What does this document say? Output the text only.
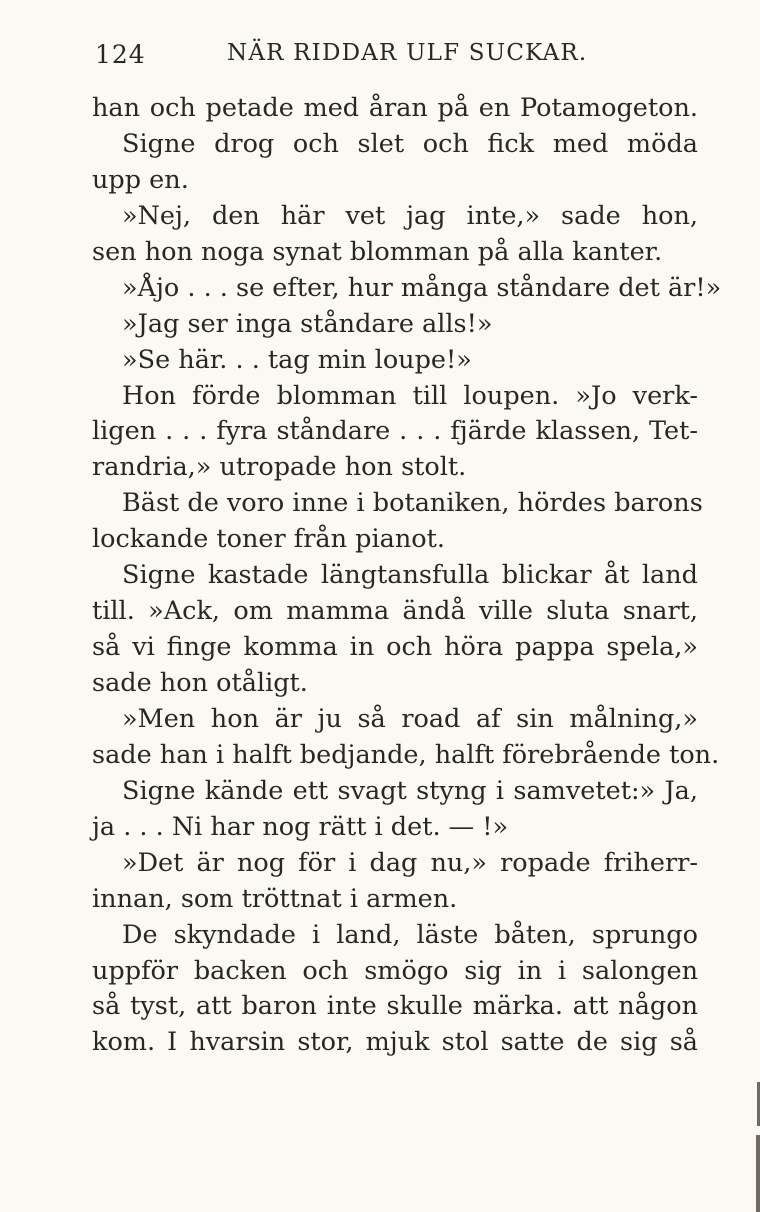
124	NÄR RIDDAR ULF SUCKAR.
han och petade med åran på en Potamogeton.
Signe drog och slet och fick med möda
upp en.
»Nej, den här vet jag inte,» sade hon,
sen hon noga synat blomman på alla kanter.
»Åjo . . . se efter, hur många ståndare det är!»
»Jag ser inga ståndare alls!»
»Se här. . . tag min loupe!»
Hon förde blomman till loupen. »Jo verk-
ligen . . . fyra ståndare . . . fjärde klassen, Tet-
randria,» utropade hon stolt.
Bäst de voro inne i botaniken, hördes barons
lockande toner från pianot.
Signe kastade längtansfulla blickar åt land
till. »Ack, om mamma ändå ville sluta snart,
så vi finge komma in och höra pappa spela,»
sade hon otåligt.
»Men hon är ju så road af sin målning,»
sade han i halft bedjande, halft förebrående ton.
Signe kände ett svagt styng i samvetet:» Ja,
ja . . . Ni har nog rätt i det. — !»
»Det är nog för i dag nu,» ropade friherr-
innan, som tröttnat i armen.
De skyndade i land, läste båten, sprungo
uppför backen och smögo sig in i salongen
så tyst, att baron inte skulle märka. att någon
kom. I hvarsin stor, mjuk stol satte de sig så
